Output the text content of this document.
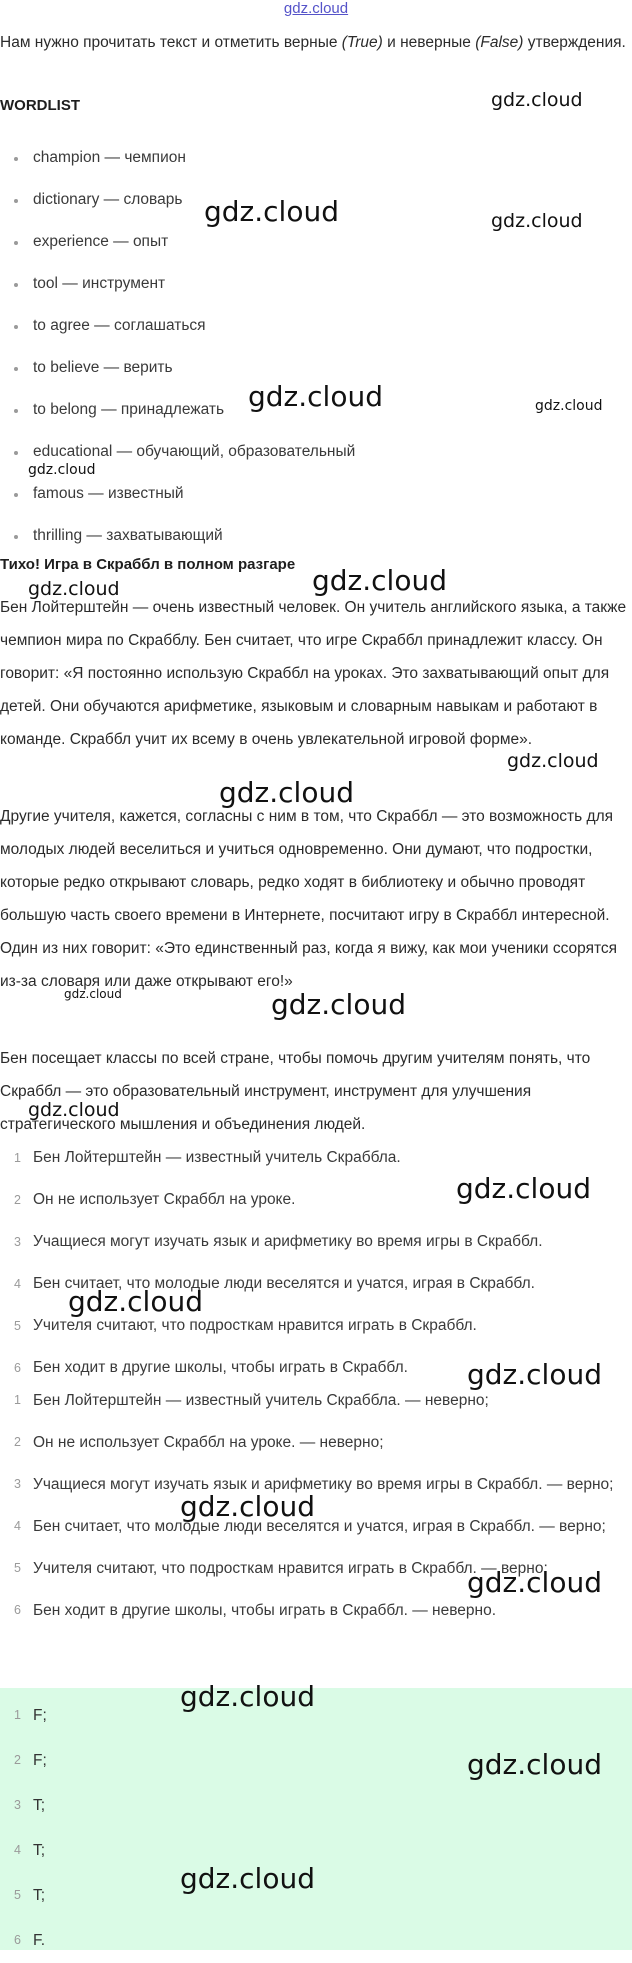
gdz.cloud
Нам нужно прочитать текст и отметить верные (True) и неверные (False) утверждения.
WORDLIST
champion — чемпион
dictionary — словарь
experience — опыт
tool — инструмент
to agree — соглашаться
to believe — верить
to belong — принадлежать
educational — обучающий, образовательный
famous — известный
thrilling — захватывающий
Тихо! Игра в Скраббл в полном разгаре
Бен Лойтерштейн — очень известный человек. Он учитель английского языка, а также чемпион мира по Скрабблу. Бен считает, что игре Скраббл принадлежит классу. Он говорит: «Я постоянно использую Скраббл на уроках. Это захватывающий опыт для детей. Они обучаются арифметике, языковым и словарным навыкам и работают в команде. Скраббл учит их всему в очень увлекательной игровой форме».
Другие учителя, кажется, согласны с ним в том, что Скраббл — это возможность для молодых людей веселиться и учиться одновременно. Они думают, что подростки, которые редко открывают словарь, редко ходят в библиотеку и обычно проводят большую часть своего времени в Интернете, посчитают игру в Скраббл интересной. Один из них говорит: «Это единственный раз, когда я вижу, как мои ученики ссорятся из-за словаря или даже открывают его!»
Бен посещает классы по всей стране, чтобы помочь другим учителям понять, что Скраббл — это образовательный инструмент, инструмент для улучшения стратегического мышления и объединения людей.
1 Бен Лойтерштейн — известный учитель Скраббла.
2 Он не использует Скраббл на уроке.
3 Учащиеся могут изучать язык и арифметику во время игры в Скраббл.
4 Бен считает, что молодые люди веселятся и учатся, играя в Скраббл.
5 Учителя считают, что подросткам нравится играть в Скраббл.
6 Бен ходит в другие школы, чтобы играть в Скраббл.
1 Бен Лойтерштейн — известный учитель Скраббла. — неверно;
2 Он не использует Скраббл на уроке. — неверно;
3 Учащиеся могут изучать язык и арифметику во время игры в Скраббл. — верно;
4 Бен считает, что молодые люди веселятся и учатся, играя в Скраббл. — верно;
5 Учителя считают, что подросткам нравится играть в Скраббл. — верно;
6 Бен ходит в другие школы, чтобы играть в Скраббл. — неверно.
1 F;
2 F;
3 T;
4 T;
5 T;
6 F.
gdz.cloud
gdz.cloud	gdz.cloud
gdz.cloud	gdz.cloud
gdz.cloud
gdz.cloud
gdz.cloud
gdz.cloud
gdz.cloud
gdz.cloud
gdz.cloud
gdz.cloud
gdz.cloud
gdz.cloud
gdz.cloud
gdz.cloud
gdz.cloud
gdz.cloud
gdz.cloud
gdz.cloud
